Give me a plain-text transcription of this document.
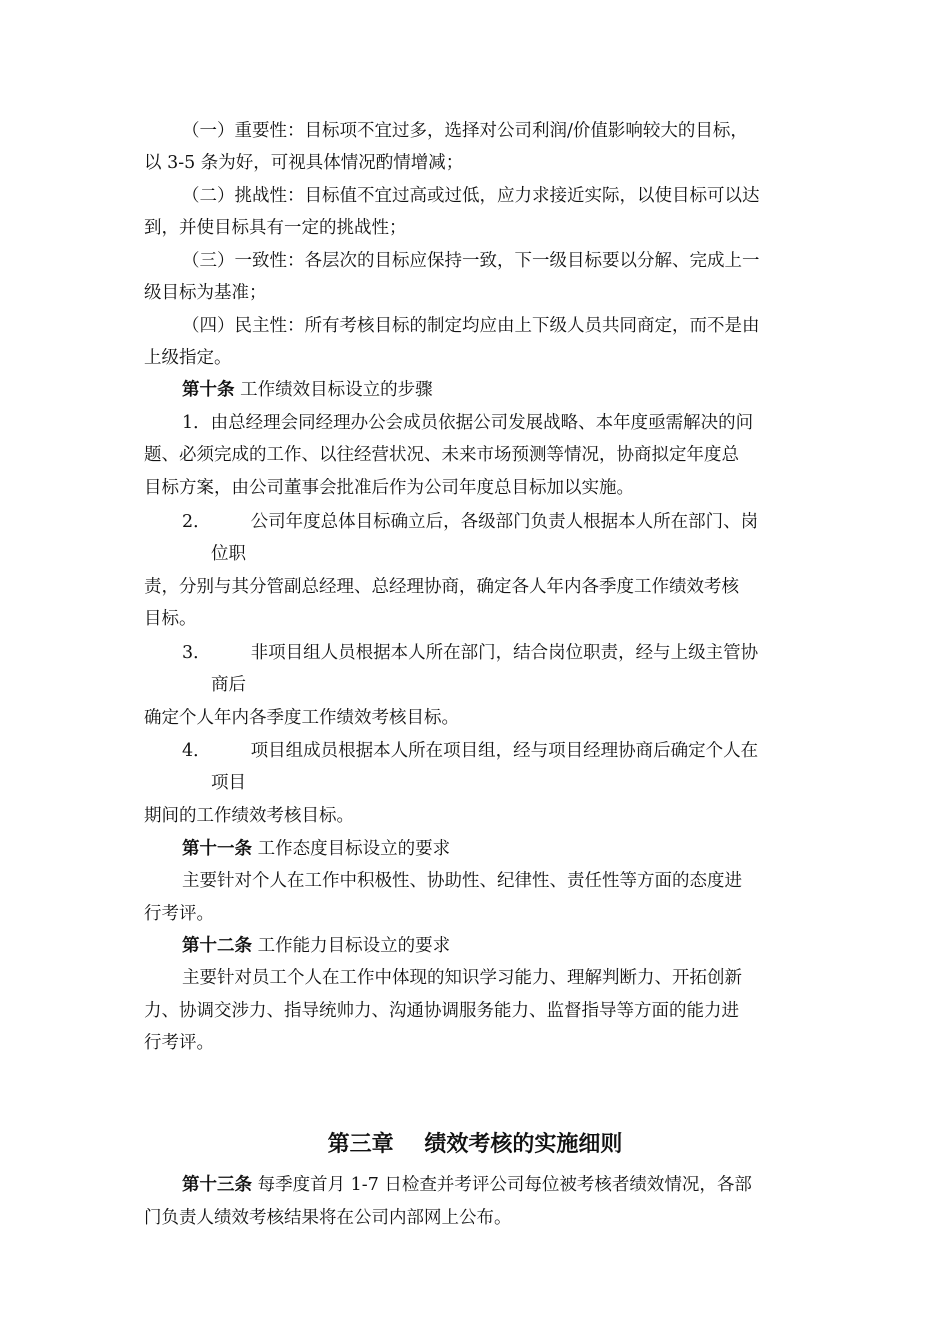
（一）重要性：目标项不宜过多，选择对公司利润/价值影响较大的目标，
以 3-5 条为好，可视具体情况酌情增减；
（二）挑战性：目标值不宜过高或过低，应力求接近实际，以使目标可以达
到，并使目标具有一定的挑战性；
（三）一致性：各层次的目标应保持一致，下一级目标要以分解、完成上一
级目标为基准；
（四）民主性：所有考核目标的制定均应由上下级人员共同商定，而不是由
上级指定。
第十条 工作绩效目标设立的步骤
1．由总经理会同经理办公会成员依据公司发展战略、本年度亟需解决的问
题、必须完成的工作、以往经营状况、未来市场预测等情况，协商拟定年度总
目标方案，由公司董事会批准后作为公司年度总目标加以实施。
2． 公司年度总体目标确立后，各级部门负责人根据本人所在部门、岗
位职
责，分别与其分管副总经理、总经理协商，确定各人年内各季度工作绩效考核
目标。
3． 非项目组人员根据本人所在部门，结合岗位职责，经与上级主管协
商后
确定个人年内各季度工作绩效考核目标。
4． 项目组成员根据本人所在项目组，经与项目经理协商后确定个人在
项目
期间的工作绩效考核目标。
第十一条 工作态度目标设立的要求
主要针对个人在工作中积极性、协助性、纪律性、责任性等方面的态度进
行考评。
第十二条 工作能力目标设立的要求
主要针对员工个人在工作中体现的知识学习能力、理解判断力、开拓创新
力、协调交涉力、指导统帅力、沟通协调服务能力、监督指导等方面的能力进
行考评。
第三章 绩效考核的实施细则
第十三条 每季度首月 1-7 日检查并考评公司每位被考核者绩效情况，各部
门负责人绩效考核结果将在公司内部网上公布。
